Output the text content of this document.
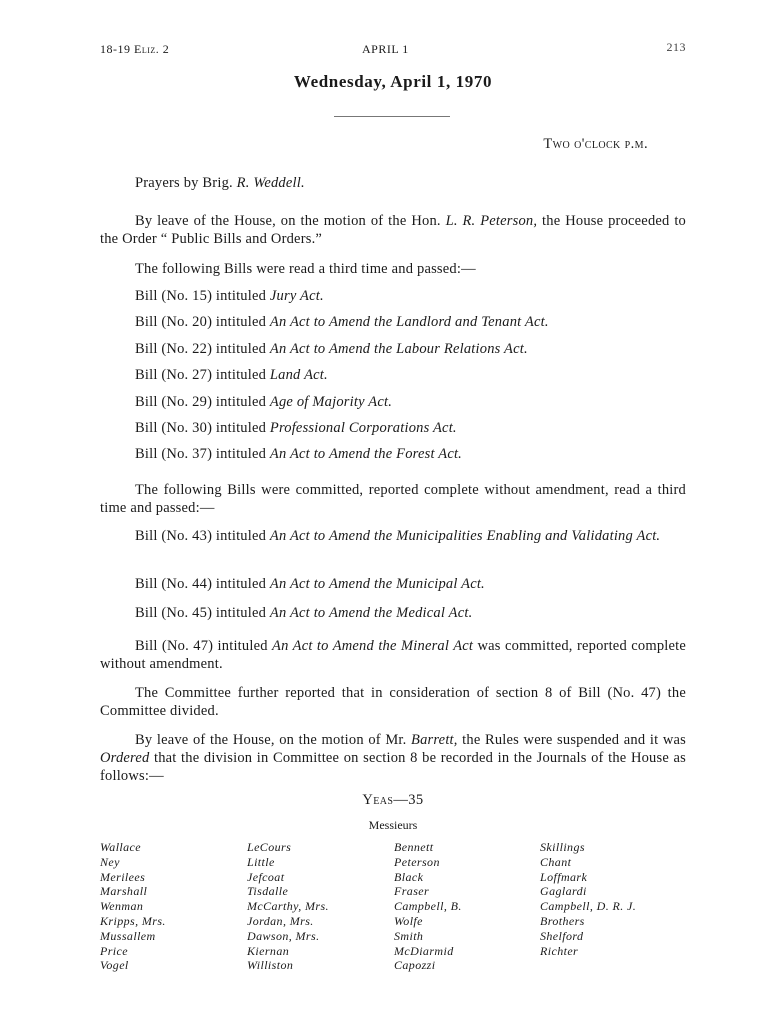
18-19 Eliz. 2	APRIL 1	213
Wednesday, April 1, 1970
Two o'clock p.m.
Prayers by Brig. R. Weddell.
By leave of the House, on the motion of the Hon. L. R. Peterson, the House proceeded to the Order “ Public Bills and Orders.”
The following Bills were read a third time and passed:—
Bill (No. 15) intituled Jury Act.
Bill (No. 20) intituled An Act to Amend the Landlord and Tenant Act.
Bill (No. 22) intituled An Act to Amend the Labour Relations Act.
Bill (No. 27) intituled Land Act.
Bill (No. 29) intituled Age of Majority Act.
Bill (No. 30) intituled Professional Corporations Act.
Bill (No. 37) intituled An Act to Amend the Forest Act.
The following Bills were committed, reported complete without amendment, read a third time and passed:—
Bill (No. 43) intituled An Act to Amend the Municipalities Enabling and Validating Act.
Bill (No. 44) intituled An Act to Amend the Municipal Act.
Bill (No. 45) intituled An Act to Amend the Medical Act.
Bill (No. 47) intituled An Act to Amend the Mineral Act was committed, reported complete without amendment.
The Committee further reported that in consideration of section 8 of Bill (No. 47) the Committee divided.
By leave of the House, on the motion of Mr. Barrett, the Rules were suspended and it was Ordered that the division in Committee on section 8 be recorded in the Journals of the House as follows:—
Yeas—35
Messieurs
Wallace
Ney
Merilees
Marshall
Wenman
Kripps, Mrs.
Mussallem
Price
Vogel
LeCours
Little
Jefcoat
Tisdalle
McCarthy, Mrs.
Jordan, Mrs.
Dawson, Mrs.
Kiernan
Williston
Bennett
Peterson
Black
Fraser
Campbell, B.
Wolfe
Smith
McDiarmid
Capozzi
Skillings
Chant
Loffmark
Gaglardi
Campbell, D. R. J.
Brothers
Shelford
Richter
